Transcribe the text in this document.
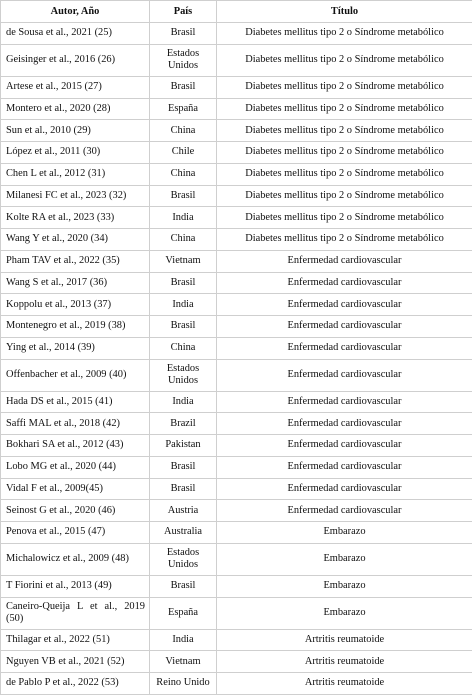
Autor, Año	País	Título
de Sousa et al., 2021 (25)	Brasil	Diabetes mellitus tipo 2 o Síndrome metabólico
Geisinger et al., 2016 (26)	Estados Unidos	Diabetes mellitus tipo 2 o Síndrome metabólico
Artese et al., 2015 (27)	Brasil	Diabetes mellitus tipo 2 o Síndrome metabólico
Montero et al., 2020 (28)	España	Diabetes mellitus tipo 2 o Síndrome metabólico
Sun et al., 2010 (29)	China	Diabetes mellitus tipo 2 o Síndrome metabólico
López et al., 2011 (30)	Chile	Diabetes mellitus tipo 2 o Síndrome metabólico
Chen L et al., 2012 (31)	China	Diabetes mellitus tipo 2 o Síndrome metabólico
Milanesi FC et al., 2023 (32)	Brasil	Diabetes mellitus tipo 2 o Síndrome metabólico
Kolte RA et al., 2023 (33)	India	Diabetes mellitus tipo 2 o Síndrome metabólico
Wang Y et al., 2020 (34)	China	Diabetes mellitus tipo 2 o Síndrome metabólico
Pham TAV et al., 2022 (35)	Vietnam	Enfermedad cardiovascular
Wang S et al., 2017 (36)	Brasil	Enfermedad cardiovascular
Koppolu et al., 2013 (37)	India	Enfermedad cardiovascular
Montenegro et al., 2019 (38)	Brasil	Enfermedad cardiovascular
Ying et al., 2014 (39)	China	Enfermedad cardiovascular
Offenbacher et al., 2009 (40)	Estados Unidos	Enfermedad cardiovascular
Hada DS et al., 2015 (41)	India	Enfermedad cardiovascular
Saffi MAL et al., 2018 (42)	Brazil	Enfermedad cardiovascular
Bokhari SA et al., 2012 (43)	Pakistan	Enfermedad cardiovascular
Lobo MG et al., 2020 (44)	Brasil	Enfermedad cardiovascular
Vidal F et al., 2009(45)	Brasil	Enfermedad cardiovascular
Seinost G et al., 2020 (46)	Austria	Enfermedad cardiovascular
Penova et al., 2015 (47)	Australia	Embarazo
Michalowicz et al., 2009 (48)	Estados Unidos	Embarazo
T Fiorini et al., 2013 (49)	Brasil	Embarazo
Caneiro-Queija L et al., 2019 (50)	España	Embarazo
Thilagar et al., 2022 (51)	India	Artritis reumatoide
Nguyen VB et al., 2021 (52)	Vietnam	Artritis reumatoide
de Pablo P et al., 2022 (53)	Reino Unido	Artritis reumatoide
